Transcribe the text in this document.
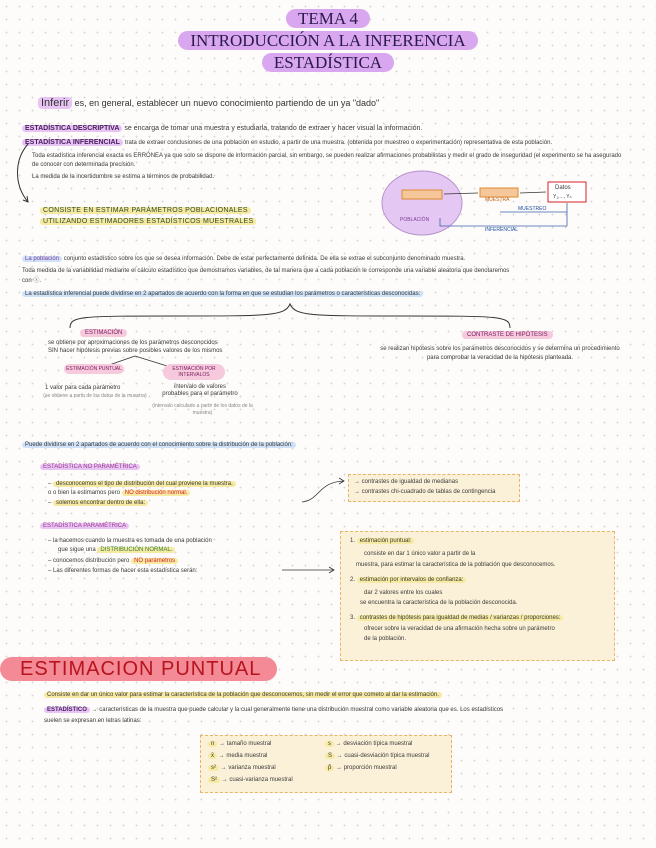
TEMA 4
INTRODUCCIÓN A LA INFERENCIA
ESTADÍSTICA
Inferir es, en general, establecer un nuevo conocimiento partiendo de un ya "dado"
ESTADÍSTICA DESCRIPTIVA se encarga de tomar una muestra y estudiarla, tratando de extraer y hacer visual la información.
ESTADÍSTICA INFERENCIAL trata de extraer conclusiones de una población en estudio, a partir de una muestra. (obtenida por muestreo o experimentación) representativa de esta población.
Toda estadística inferencial exacta es ERRÓNEA ya que solo se dispone de información parcial, sin embargo, se pueden realizar afirmaciones probabilistas y medir el grado de inseguridad (el experimento se ha asegurado
de conocer con determinada precisión.
La medida de la incertidumbre se estima a términos de probabilidad.
CONSISTE EN ESTIMAR PARÁMETROS POBLACIONALES
UTILIZANDO ESTIMADORES ESTADÍSTICOS MUESTRALES	POBLACIÓN
MUESTRA
Datos
Y₁,..., Yₙ
MUESTREO
INFERENCIAL
La población conjunto estadístico sobre los que se desea información. Debe de estar perfectamente definida. De ella se extrae el subconjunto denominado muestra.
Toda medida de la variabilidad mediante el cálculo estadístico que demostramos variables, de tal manera que a cada población le corresponde una variable aleatoria que denotaremos
con ⓧ.
La estadística inferencial puede dividirse en 2 apartados de acuerdo con la forma en que se estudian los parámetros o características desconocidas:
ESTIMACIÓN
se obtiene por aproximaciones de los parámetros desconocidos
SIN hacer hipótesis previas sobre posibles valores de los mismos
ESTIMACIÓN PUNTUAL
1 valor para cada parámetro
(se obtiene a partir de los datos de la muestra)
ESTIMACIÓN POR INTERVALOS
intervalo de valores probables para el parámetro
(intervalo calculado a partir de los datos de la muestra)
CONTRASTE DE HIPÓTESIS
se realizan hipótesis sobre los parámetros desconocidos y se determina un procedimiento para comprobar la veracidad de la hipótesis planteada.
Puede dividirse en 2 apartados de acuerdo con el conocimiento sobre la distribución de la población:
ESTADÍSTICA NO PARAMÉTRICA
– desconocemos el tipo de distribución del cual proviene la muestra.
o o bien la estimamos pero NO distribución normal.
– solemos encontrar dentro de ella:
→ contrastes de igualdad de medianas
→ contrastes chi-cuadrado de tablas de contingencia
ESTADÍSTICA PARAMÉTRICA
– la hacemos cuando la muestra es tomada de una población
que sigue una DISTRIBUCIÓN NORMAL.
– conocemos distribución pero NO parámetros
– Las diferentes formas de hacer esta estadística serán:
1. estimación puntual:
consiste en dar 1 único valor a partir de la
muestra, para estimar la característica de la población que desconocemos.
2. estimación por intervalos de confianza:
dar 2 valores entre los cuales
se encuentra la característica de la población desconocida.
3. contrastes de hipótesis para igualdad de medias / varianzas / proporciones:
ofrecer sobre la veracidad de una afirmación hecha sobre un parámetro
de la población.
ESTIMACION PUNTUAL
Consiste en dar un único valor para estimar la característica de la población que desconocemos, sin medir el error que cometo al dar la estimación.
ESTADÍSTICO → características de la muestra que puede calcular y la cual generalmente tiene una distribución muestral como variable aleatoria que es. Los estadísticos
suelen se expresan en letras latinas:
n → tamaño muestral
x̄ → media muestral
s² → varianza muestral
S² → cuasi-varianza muestral
s → desviación típica muestral
S → cuasi-desviación típica muestral
p̂ → proporción muestral
